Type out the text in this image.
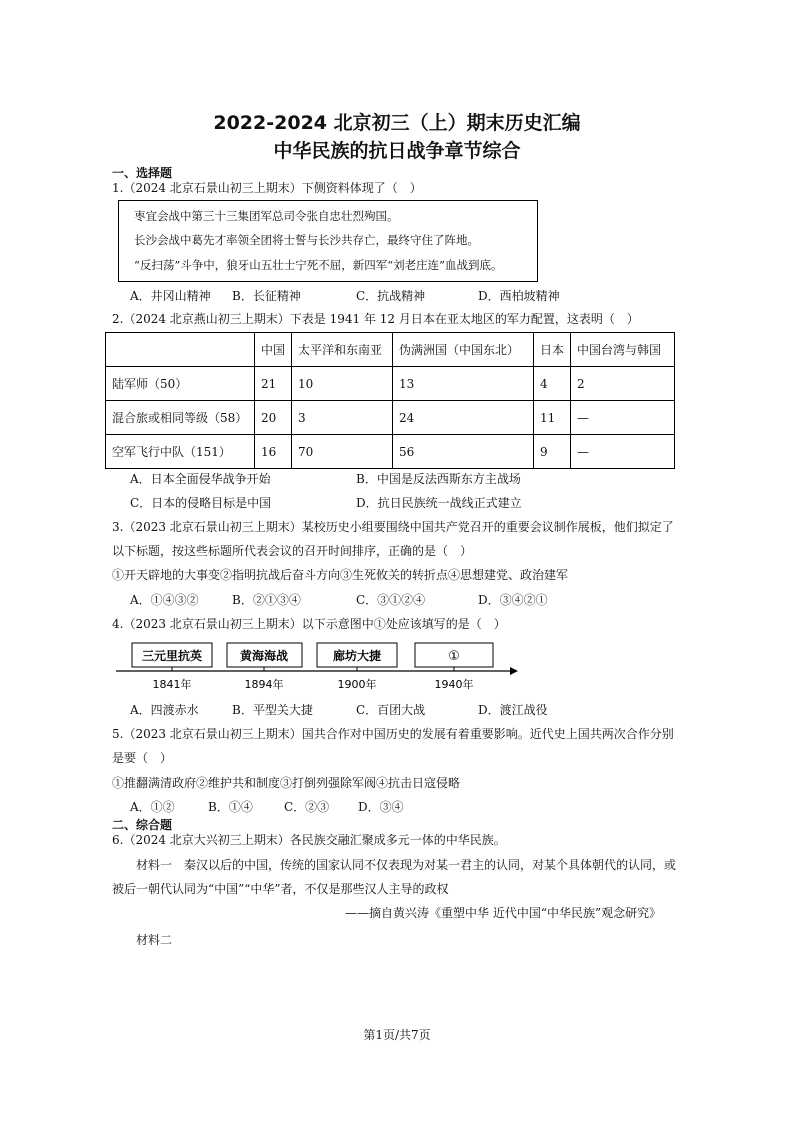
2022-2024 北京初三（上）期末历史汇编
中华民族的抗日战争章节综合
一、选择题
1.（2024 北京石景山初三上期末）下侧资料体现了（　）
枣宜会战中第三十三集团军总司令张自忠壮烈殉国。
长沙会战中葛先才率领全团将士誓与长沙共存亡，最终守住了阵地。
“反扫荡”斗争中，狼牙山五壮士宁死不屈，新四军“刘老庄连”血战到底。
A．井冈山精神 B．长征精神	C．抗战精神	D．西柏坡精神
2.（2024 北京燕山初三上期末）下表是 1941 年 12 月日本在亚太地区的军力配置，这表明（　）
	中国	太平洋和东南亚	伪满洲国（中国东北）	日本	中国台湾与韩国
陆军师（50）	21	10	13	4	2
混合旅或相同等级（58）	20	3	24	11	—
空军飞行中队（151）	16	70	56	9	—
A．日本全面侵华战争开始	B．中国是反法西斯东方主战场
C．日本的侵略目标是中国	D．抗日民族统一战线正式建立
3.（2023 北京石景山初三上期末）某校历史小组要围绕中国共产党召开的重要会议制作展板，他们拟定了
以下标题，按这些标题所代表会议的召开时间排序，正确的是（　）
①开天辟地的大事变②指明抗战后奋斗方向③生死攸关的转折点④思想建党、政治建军
A．①④③②	B．②①③④	C．③①②④	D．③④②①
4.（2023 北京石景山初三上期末）以下示意图中①处应该填写的是（　）
三元里抗英
1841年
黄海海战
1894年
廊坊大捷
1900年
①
1940年
A．四渡赤水	B．平型关大捷	C．百团大战	D．渡江战役
5.（2023 北京石景山初三上期末）国共合作对中国历史的发展有着重要影响。近代史上国共两次合作分别
是要（　）
①推翻满清政府②维护共和制度③打倒列强除军阀④抗击日寇侵略
A．①②	B．①④	C．②③ D．③④
二、综合题
6.（2024 北京大兴初三上期末）各民族交融汇聚成多元一体的中华民族。
材料一　秦汉以后的中国，传统的国家认同不仅表现为对某一君主的认同，对某个具体朝代的认同，或
被后一朝代认同为“中国”“中华”者，不仅是那些汉人主导的政权
——摘自黄兴涛《重塑中华 近代中国“中华民族”观念研究》
材料二
第1页/共7页
